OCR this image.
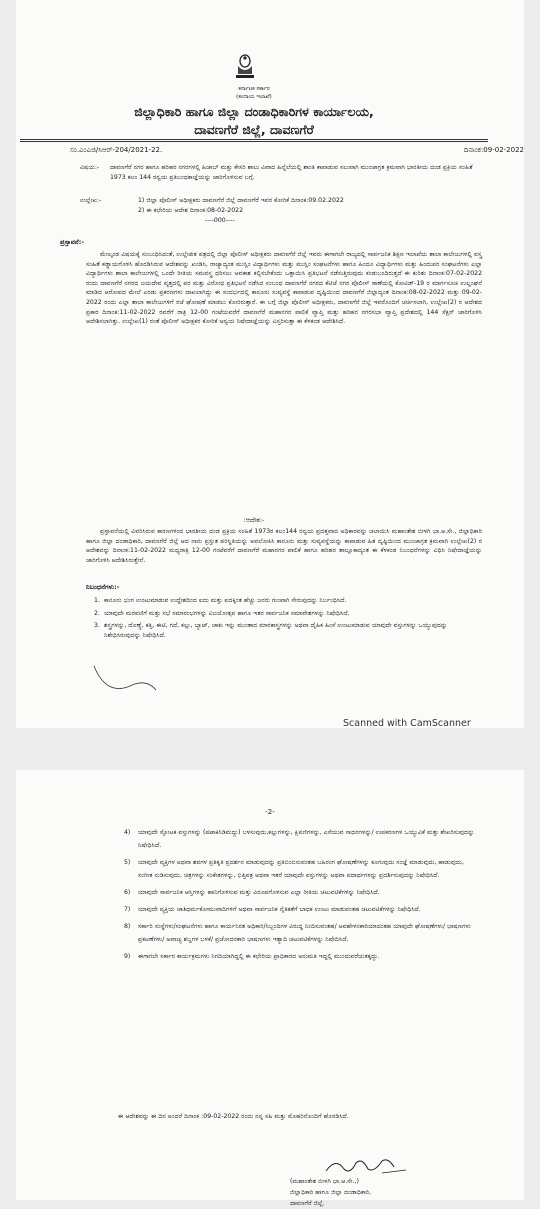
ಕರ್ನಾಟಕ ಸರ್ಕಾರ
(ಕಂದಾಯ ಇಲಾಖೆ)
ಜಿಲ್ಲಾಧಿಕಾರಿ ಹಾಗೂ ಜಿಲ್ಲಾ ದಂಡಾಧಿಕಾರಿಗಳ ಕಾರ್ಯಾಲಯ,
ದಾವಣಗೆರೆ ಜಿಲ್ಲೆ, ದಾವಣಗೆರೆ
ಸಂ.ಎಂಎಜಿ/ಸಿಆರ್-204/2021-22.	ದಿನಾಂಕ:09-02-2022
ವಿಷಯ:-	ದಾವಣಗೆರೆ ನಗರ ಹಾಗೂ ಹರಿಹರ ನಗರಗಳಲ್ಲಿ ಹಿಜಾಬ್ ಮತ್ತು ಕೇಸರಿ ಶಾಲು ವಿವಾದ ಹಿನ್ನೆಲೆಯಲ್ಲಿ ಶಾಂತಿ ಕಾಪಾಡುವ ಸಲುವಾಗಿ ಮುಂಜಾಗ್ರತ ಕ್ರಮವಾಗಿ ಭಾರತೀಯ ದಂಡ ಪ್ರಕ್ರಿಯ ಸಂಹಿತೆ 1973 ಕಲಂ 144 ರನ್ವಯ ಪ್ರತಿಬಂಧಕಾಜ್ಞೆಯನ್ನು ಜಾರಿಗೊಳಿಸುವ ಬಗ್ಗೆ.
ಉಲ್ಲೇಖ:-	1) ಜಿಲ್ಲಾ ಪೊಲೀಸ್ ಅಧೀಕ್ಷಕರು ದಾವಣಗೆರೆ ಜಿಲ್ಲೆ ದಾವಣಗೆರೆ ಇವರ ಕೋರಿಕೆ ದಿನಾಂಕ:09.02.2022
2) ಈ ಕಛೇರಿಯ ಆದೇಶ ದಿನಾಂಕ:08-02-2022
----000----
ಪ್ರಸ್ತಾವನೆ:-
ಮೇಲ್ಕಂಡ ವಿಷಯಕ್ಕೆ ಸಂಬಂಧಿಸಿದಂತೆ, ಉಲ್ಲೇಖಿತ ಪತ್ರದಲ್ಲಿ ಜಿಲ್ಲಾ ಪೊಲೀಸ್ ಅಧೀಕ್ಷಕರು ದಾವಣಗೆರೆ ಜಿಲ್ಲೆ ಇವರು ಈಗಾಗಲೇ ರಾಜ್ಯದಲ್ಲಿ ಸಾರ್ವಜನಿಕ ಶಿಕ್ಷಣ ಇಲಾಖೆಯ ಶಾಲಾ ಕಾಲೇಜುಗಳಲ್ಲಿ ವಸ್ತ್ರ ಸಂಹಿತೆ ಕಡ್ಡಾಯಗೊಳಿಸಿ ಹೊರಡಿಸಿರುವ ಆದೇಶವನ್ನು ಖಂಡಿಸಿ, ರಾಜ್ಯಾದ್ಯಂತ ಮುಸ್ಲಿಂ ವಿದ್ಯಾರ್ಥಿಗಳು ಮತ್ತು ಮುಸ್ಲಿಂ ಸಂಘಟನೆಗಳು ಹಾಗೂ ಹಿಂದೂ ವಿದ್ಯಾರ್ಥಿಗಳು ಮತ್ತು ಹಿಂದುಪರ ಸಂಘಟನೆಗಳು ಎಲ್ಲಾ ವಿದ್ಯಾರ್ಥಿಗಳು ಶಾಲಾ ಕಾಲೇಜುಗಳಲ್ಲಿ ಒಂದೇ ರೀತಿಯ ಸಮವಸ್ತ್ರ ಧರಿಸಲು ಅವಕಾಶ ಕಲ್ಪಿಸಬೇಕೆಂದು ಒತ್ತಾಯಿಸಿ ಪ್ರತಿಭಟನೆ ನಡೆಸುತ್ತಿರುವುದು ಕಂಡುಬಂದಿರುತ್ತದೆ ಈ ಕುರಿತು ದಿನಾಂಕ:07-02-2022 ರಂದು ದಾವಣಗೆರೆ ನಗರದ ಜಯದೇವ ವೃತ್ತದಲ್ಲಿ ಪರ ಮತ್ತು ವಿರೋಧ ಪ್ರತಿಭಟನೆ ನಡೆಸಿದ ಸಂಬಂಧ ದಾವಣಗೆರೆ ನಗರದ ಕೆಟಿಜೆ ನಗರ ಪೊಲೀಸ್ ಠಾಣೆಯಲ್ಲಿ ಕೋವಿಡ್-19 ರ ಮಾರ್ಗಸೂಚಿ ಉಲ್ಲಂಘನೆ ಮಾಡಿದ ಆರೋಪದ ಮೇಲೆ ಎರಡು ಪ್ರಕರಣಗಳು ದಾಖಲಾಗಿದ್ದು ಈ ಸಂದರ್ಭದಲ್ಲಿ ಕಾನೂನು ಸುವ್ಯವಸ್ಥೆ ಕಾಪಾಡುವ ದೃಷ್ಟಿಯಿಂದ ದಾವಣಗೆರೆ ಜಿಲ್ಲಾದ್ಯಂತ ದಿನಾಂಕ:08-02-2022 ಮತ್ತು 09-02-2022 ರಂದು ಎಲ್ಲಾ ಶಾಲಾ ಕಾಲೇಜುಗಳಿಗೆ ರಜೆ ಘೋಷಣೆ ಮಾಡಲು ಕೋರಿರುತ್ತಾರೆ. ಈ ಬಗ್ಗೆ ಜಿಲ್ಲಾ ಪೊಲೀಸ್ ಅಧೀಕ್ಷಕರು, ದಾವಣಗೆರೆ ಜಿಲ್ಲೆ ಇವರೊಂದಿಗೆ ಚರ್ಚಿಸಲಾಗಿ, ಉಲ್ಲೇಖ(2) ರ ಆದೇಶದ ಪ್ರಕಾರ ದಿನಾಂಕ:11-02-2022 ರವರೆಗೆ ರಾತ್ರಿ 12-00 ಗಂಟೆಯವರೆಗೆ ದಾವಣಗೆರೆ ಮಹಾನಗರ ಪಾಲಿಕೆ ವ್ಯಾಪ್ತಿ ಮತ್ತು ಹರಿಹರ ನಗರಸಭಾ ವ್ಯಾಪ್ತಿ ಪ್ರದೇಶದಲ್ಲಿ 144 ಸೆಕ್ಷನ್ ಜಾರಿಗೊಳಿಸಿ ಆದೇಶಿಸಲಾಗಿತ್ತು. ಉಲ್ಲೇಖ(1) ರಂತೆ ಪೊಲೀಸ್ ಅಧೀಕ್ಷಕರ ಕೋರಿಕೆ ಅನ್ವಯ ನಿಷೇದಾಜ್ಞೆಯನ್ನು ವಿಸ್ತರಿಸುತ್ತಾ ಈ ಕೆಳಕಂಡ ಆದೇಶಿಸಿದೆ.
:ಆದೇಶ:-
ಪ್ರಸ್ತಾವನೆಯಲ್ಲಿ ವಿವರಿಸಿರುವ ಕಾರಣಗಳಿಂದ ಭಾರತೀಯ ದಂಡ ಪ್ರಕ್ರಿಯ ಸಂಹಿತೆ 1973ರ ಕಲಂ144 ರನ್ವಯ ಪ್ರದತ್ತವಾದ ಅಧಿಕಾರವನ್ನು ಚಲಾಯಿಸಿ ಮಹಾಂತೇಶ ಬೀಳಗಿ ಭಾ.ಆ.ಸೇ., ಜಿಲ್ಲಾಧಿಕಾರಿ ಹಾಗೂ ಜಿಲ್ಲಾ ದಂಡಾಧಿಕಾರಿ, ದಾವಣಗೆರೆ ಜಿಲ್ಲೆ ಆದ ನಾನು ಪ್ರಸ್ತುತ ಪರಿಸ್ಥಿತಿಯನ್ನು ಅವಲೋಕಿಸಿ ಕಾನೂನು ಮತ್ತು ಸುವ್ಯವಸ್ಥೆಯನ್ನು ಕಾಪಾಡುವ ಹಿತ ದೃಷ್ಟಿಯಿಂದ ಮುಂಜಾಗ್ರತ ಕ್ರಮವಾಗಿ ಉಲ್ಲೇಖ(2) ರ ಆದೇಶವನ್ನು ದಿನಾಂಕ:11-02-2022 ಮಧ್ಯರಾತ್ರಿ 12-00 ಗಂಟೆವರೆಗೆ ದಾವಣಗೆರೆ ಮಹಾನಗರ ಪಾಲಿಕೆ ಹಾಗೂ ಹರಿಹರ ತಾಲ್ಲೂಕಾದ್ಯಂತ ಈ ಕೆಳಕಂಡ ನಿಬಂಧನೆಗಳನ್ನು ವಿಧಿಸಿ ನಿಷೇದಾಜ್ಞೆಯನ್ನು ಜಾರಿಗೊಳಿಸಿ ಆದೇಶಿಸಿರುತ್ತೇನೆ.
ನಿಬಂಧನೆಗಳು:-
1. ಕಾನೂನು ಭಂಗ ಉಂಟುಮಾಡುವ ಉದ್ದೇಶದಿಂದ ಐದು ಮತ್ತು ಐದಕ್ಕಿಂತ ಹೆಚ್ಚು ಜನರು ಗುಂಪಾಗಿ ಸೇರುವುದನ್ನು ನಿರ್ಬಂಧಿಸಿದೆ.
2. ಯಾವುದೇ ಮರವಣಿಗೆ ಮತ್ತು ಸಭೆ ಸಮಾರಂಭಗಳನ್ನು ವಿಜಯೋತ್ಸವ ಹಾಗೂ ಇತರ ಸಾರ್ವಜನಿಕ ಸಮಾವೇಶಗಳನ್ನು ನಿಷೇಧಿಸಿದೆ.
3. ಶಸ್ತ್ರಗಳನ್ನು, ದೊಣ್ಣೆ, ಕತ್ತಿ, ಈಟಿ, ಗದೆ, ಕಲ್ಲು, ಬ್ಯಾಟ್, ಚಾಕು ಇನ್ನು ಮುಂತಾದ ಮಾರಕಾಸ್ತ್ರಗಳನ್ನು ಅಥವಾ ದೈಹಿಕ ಹಿಂಸೆ ಉಂಟುಮಾಡುವ ಯಾವುದೇ ವಸ್ತುಗಳನ್ನು ಒಯ್ಯುವುದನ್ನು ನಿಶೇಧಿಸಿರುವುದನ್ನು ನಿಷೇಧಿಸಿದೆ.
Scanned with CamScanner
-2-
4) ಯಾವುದೇ ಸ್ಫೋಟಕ ವಸ್ತುಗಳನ್ನು (ಪಟಾಕಿಸಿಡಿಮದ್ದು) ಬಳಸುವುದು,ಕಲ್ಲುಗಳನ್ನು, ಕ್ಷಿಪಣಿಗಳನ್ನು, ಎಸೆಯುವ ಸಾಧನಗಳನ್ನು/ ಉಪಕರಣಗಳ ಒಯ್ಯುವಿಕೆ ಮತ್ತು ಶೇಖರಿಸುವುದನ್ನು ನಿಷೇಧಿಸಿದೆ.
5) ಯಾವುದೇ ವ್ಯಕ್ತಿಗಳ ಅಥವಾ ಶವಗಳ ಪ್ರತಿಕೃತಿ ಪ್ರದರ್ಶನ ಮಾಡುವುದನ್ನು ಪ್ರತಿಬಿಂಬಿಸುವಂತಹ ಬಹಿರಂಗ ಘೋಷಣೆಗಳನ್ನು ಕೂಗುವುದು ಸಂಜ್ಞೆ ಮಾಡುವುದು, ಹಾಡುವುದು, ಸಂಗೀತ ನುಡಿಸುವುದು, ಚಿತ್ರಗಳನ್ನು ಸಂಕೇತಗಳನ್ನು, ಭಿತ್ತಿಪತ್ರ ಅಥವಾ ಇತರೆ ಯಾವುದೇ ವಸ್ತುಗಳನ್ನು ಅಥವಾ ಪದಾರ್ಥಗಳನ್ನು ಪ್ರದರ್ಶಿಸುವುದನ್ನು ನಿಷೇಧಿಸಿದೆ.
6) ಯಾವುದೇ ಸಾರ್ವಜನಿಕ ಆಸ್ತಿಗಳನ್ನು ಹಾನಿಗೊಳಿಸುವ ಮತ್ತು ವಿರೂಪಗೊಳಿಸುವ ಎಲ್ಲಾ ರೀತಿಯ ಚಟುವಟಿಕೆಗಳನ್ನು ನಿಷೇಧಿಸಿದೆ.
7) ಯಾವುದೇ ವ್ಯಕ್ತಿಯ ಜಾತಿಧರ್ಮಕೋಮುವಾದಿಗಳಿಗೆ ಅಥವಾ ಸಾರ್ವಜನಿಕ ನೈತಿಕತೆಗೆ ಬಾಧಕ ಉಂಟು ಮಾಡುವಂತಹ ಚಟುವಟಿಕೆಗಳನ್ನು ನಿಷೇಧಿಸಿದೆ.
8) ಸರ್ಕಾರಿ ಸಂಸ್ಥೆಗಳು/ಸಂಘಟನೆಗಳು ಹಾಗೂ ಕಾರ್ಯನಿರತ ಅಧಿಕಾರಿ/ಸಿಬ್ಬಂದಿಗಳ ವಿರುದ್ಧ ನಿಂದಿಸುವಂತಹ/ ಅವಹೇಳನಕಾರಿಯಾದಂತಹ ಯಾವುದೇ ಘೋಷಣೆಗಳು/ ಭಾಷಣಗಳು ಪ್ರಕಟಣೆಗಳು/ ಅವಾಚ್ಯ ಶಬ್ದಗಳ ಬಳಕೆ/ ಪ್ರಚೋದನಕಾರಿ ಭಾಷಣಗಳು ಇತ್ಯಾದಿ ಚಟುವಟಿಕೆಗಳನ್ನು ನಿಷೇದಿಸಿದೆ.
9) ಈಗಾಗಲೇ ಸರ್ಕಾರ ಕಾರ್ಯಕ್ರಮಗಳು ನಿಗದಿಯಾಗಿದ್ದಲ್ಲಿ ಈ ಕಛೇರಿಯ ಪ್ರಾಧಿಕಾರದ ಅನುಮತಿ ಇದ್ದಲ್ಲಿ ಮುಂದುವರೆಯತಕ್ಕದ್ದು.
ಈ ಆದೇಶವನ್ನು ಈ ದಿನ ಅಂದರೆ ದಿನಾಂಕ :09-02-2022 ರಂದು ನನ್ನ ಸಹಿ ಮತ್ತು ಮೊಹರಿನೊಂದಿಗೆ ಹೊರಡಿಸಿದೆ.
(ಮಹಾಂತೇಶ ಬೀಳಗಿ ಭಾ.ಆ.ಸೇ.,)
ಜಿಲ್ಲಾಧಿಕಾರಿ ಹಾಗೂ ಜಿಲ್ಲಾ ದಂಡಾಧಿಕಾರಿ,
ದಾವಣಗೆರೆ ಜಿಲ್ಲೆ.
